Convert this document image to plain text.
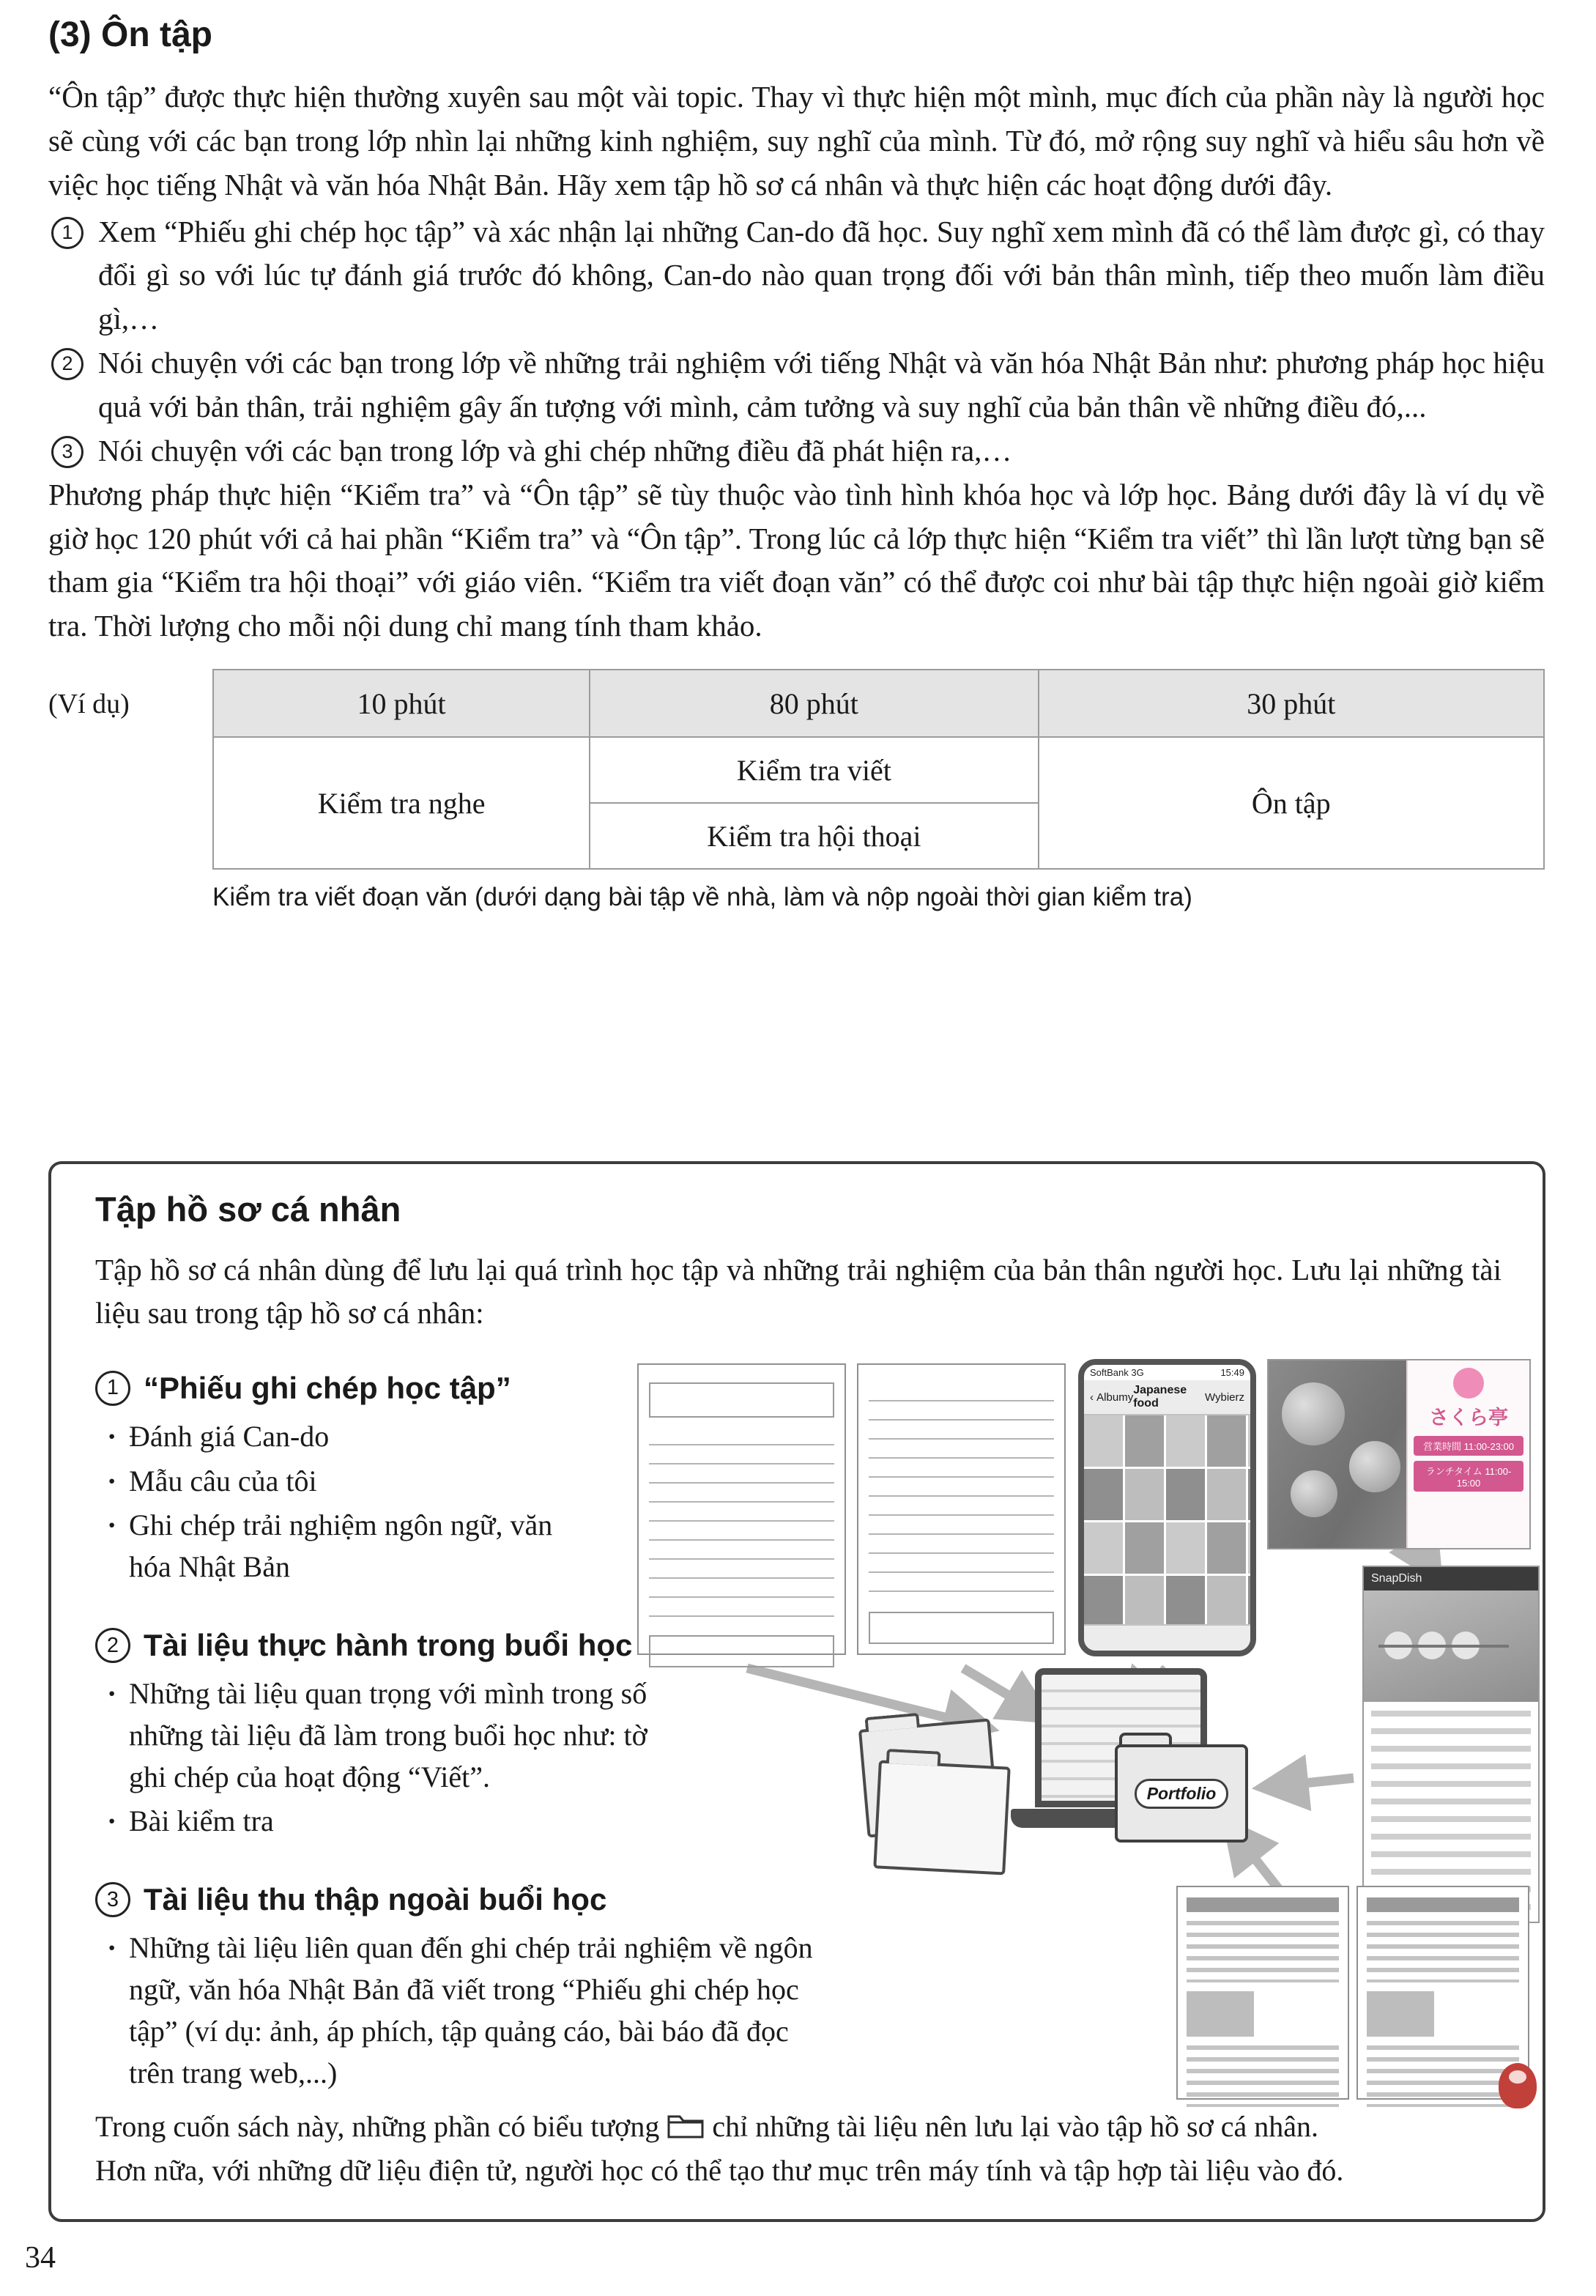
(3) Ôn tập

“Ôn tập” được thực hiện thường xuyên sau một vài topic. Thay vì thực hiện một mình, mục đích của phần này là người học sẽ cùng với các bạn trong lớp nhìn lại những kinh nghiệm, suy nghĩ của mình. Từ đó, mở rộng suy nghĩ và hiểu sâu hơn về việc học tiếng Nhật và văn hóa Nhật Bản. Hãy xem tập hồ sơ cá nhân và thực hiện các hoạt động dưới đây.

1 Xem “Phiếu ghi chép học tập” và xác nhận lại những Can-do đã học. Suy nghĩ xem mình đã có thể làm được gì, có thay đổi gì so với lúc tự đánh giá trước đó không, Can-do nào quan trọng đối với bản thân mình, tiếp theo muốn làm điều gì,…
2 Nói chuyện với các bạn trong lớp về những trải nghiệm với tiếng Nhật và văn hóa Nhật Bản như: phương pháp học hiệu quả với bản thân, trải nghiệm gây ấn tượng với mình, cảm tưởng và suy nghĩ của bản thân về những điều đó,...
3 Nói chuyện với các bạn trong lớp và ghi chép những điều đã phát hiện ra,…

Phương pháp thực hiện “Kiểm tra” và “Ôn tập” sẽ tùy thuộc vào tình hình khóa học và lớp học. Bảng dưới đây là ví dụ về giờ học 120 phút với cả hai phần “Kiểm tra” và “Ôn tập”. Trong lúc cả lớp thực hiện “Kiểm tra viết” thì lần lượt từng bạn sẽ tham gia “Kiểm tra hội thoại” với giáo viên. “Kiểm tra viết đoạn văn” có thể được coi như bài tập thực hiện ngoài giờ kiểm tra. Thời lượng cho mỗi nội dung chỉ mang tính tham khảo.

(Ví dụ)	10 phút	80 phút	30 phút
Kiểm tra nghe	Kiểm tra viết	Ôn tập
	Kiểm tra hội thoại	
Kiểm tra viết đoạn văn (dưới dạng bài tập về nhà, làm và nộp ngoài thời gian kiểm tra)
Tập hồ sơ cá nhân

Tập hồ sơ cá nhân dùng để lưu lại quá trình học tập và những trải nghiệm của bản thân người học. Lưu lại những tài liệu sau trong tập hồ sơ cá nhân:

1 “Phiếu ghi chép học tập”
· Đánh giá Can-do
· Mẫu câu của tôi
· Ghi chép trải nghiệm ngôn ngữ, văn hóa Nhật Bản
2 Tài liệu thực hành trong buổi học
· Những tài liệu quan trọng với mình trong số những tài liệu đã làm trong buổi học như: tờ ghi chép của hoạt động “Viết”.
· Bài kiểm tra
3 Tài liệu thu thập ngoài buổi học
· Những tài liệu liên quan đến ghi chép trải nghiệm về ngôn ngữ, văn hóa Nhật Bản đã viết trong “Phiếu ghi chép học tập” (ví dụ: ảnh, áp phích, tập quảng cáo, bài báo đã đọc trên trang web,...)
SoftBank 3G	15:49
‹ Albumy
Japanese food	Wybierz
さくら亭
営業時間 11:00-23:00
ランチタイム 11:00-15:00
SnapDish
Portfolio

Trong cuốn sách này, những phần có biểu tượng chỉ những tài liệu nên lưu lại vào tập hồ sơ cá nhân.
Hơn nữa, với những dữ liệu điện tử, người học có thể tạo thư mục trên máy tính và tập hợp tài liệu vào đó.

34
